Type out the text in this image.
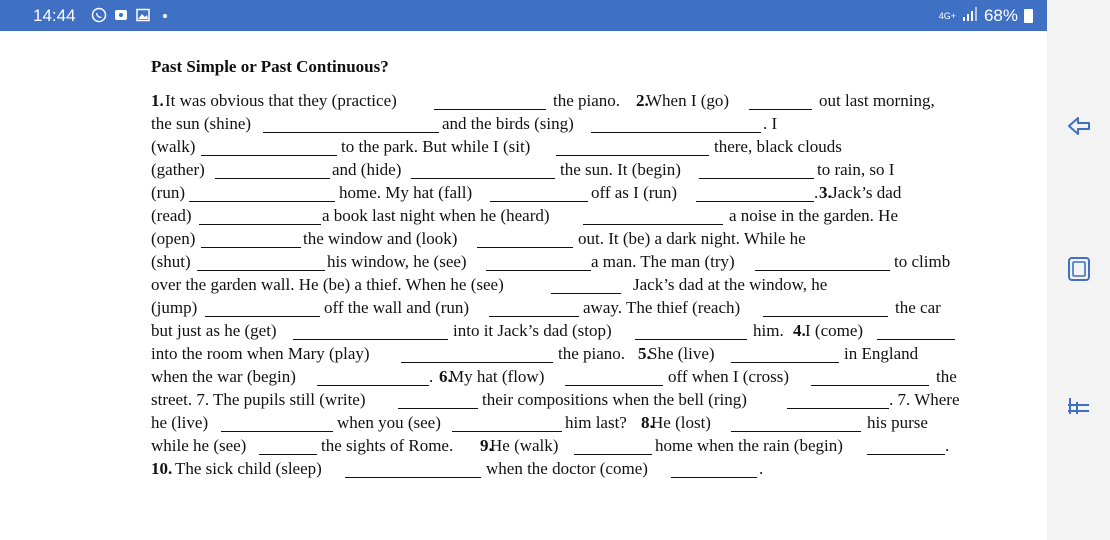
14:44	4G+ 68%
Past Simple or Past Continuous?
1. It was obvious that they (practice)	the piano. 2.
When I (go)	out last morning,
the sun (shine)	and the birds (sing)	. I
(walk)	to the park. But while I (sit)	there, black clouds
(gather)	and (hide)	the sun. It (begin)	to rain, so I
(run)	home. My hat (fall)	off as I (run)	. 3. Jack’s dad
(read)	a book last night when he (heard)	a noise in the garden. He
(open)	the window and (look)	out. It (be) a dark night. While he
(shut)	his window, he (see)	a man. The man (try)	to climb
over the garden wall. He (be) a thief. When he (see)	Jack’s dad at the window, he
(jump)	off the wall and (run)	away. The thief (reach)	the car
but just as he (get)	into it Jack’s dad (stop)	him. 4. I (come)
into the room when Mary (play)	the piano. 5.
She (live)	in England
when the war (begin)	. 6.
My hat (flow)	off when I (cross)	the
street. 7. The pupils still (write)	their compositions when the bell (ring)	. 7. Where
he (live)	when you (see)	him last? 8.
He (lost)	his purse
while he (see)	the sights of Rome. 9.
He (walk)	home when the rain (begin)	.
10. The sick child (sleep)	when the doctor (come)	.
